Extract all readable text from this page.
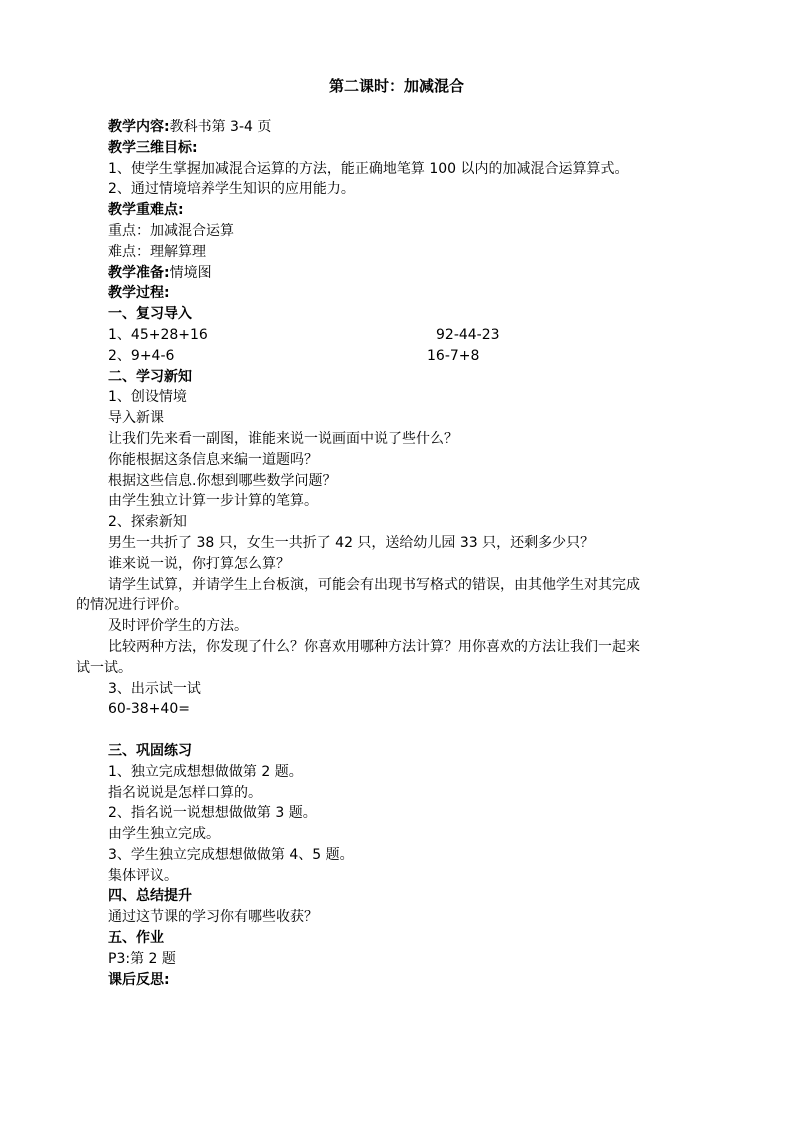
第二课时：加减混合
教学内容:教科书第 3-4 页
教学三维目标:
1、使学生掌握加减混合运算的方法，能正确地笔算 100 以内的加减混合运算算式。
2、通过情境培养学生知识的应用能力。
教学重难点:
重点：加减混合运算
难点：理解算理
教学准备:情境图
教学过程:
一、复习导入
1、45+28+16	92-44-23
2、9+4-6	16-7+8
二、学习新知
1、创设情境
导入新课
让我们先来看一副图，谁能来说一说画面中说了些什么？
你能根据这条信息来编一道题吗？
根据这些信息.你想到哪些数学问题？
由学生独立计算一步计算的笔算。
2、探索新知
男生一共折了 38 只，女生一共折了 42 只，送给幼儿园 33 只，还剩多少只？
谁来说一说，你打算怎么算？
请学生试算，并请学生上台板演，可能会有出现书写格式的错误，由其他学生对其完成
的情况进行评价。
及时评价学生的方法。
比较两种方法，你发现了什么？你喜欢用哪种方法计算？用你喜欢的方法让我们一起来
试一试。
3、出示试一试
60-38+40=
三、巩固练习
1、独立完成想想做做第 2 题。
指名说说是怎样口算的。
2、指名说一说想想做做第 3 题。
由学生独立完成。
3、学生独立完成想想做做第 4、5 题。
集体评议。
四、总结提升
通过这节课的学习你有哪些收获？
五、作业
P3:第 2 题
课后反思:
